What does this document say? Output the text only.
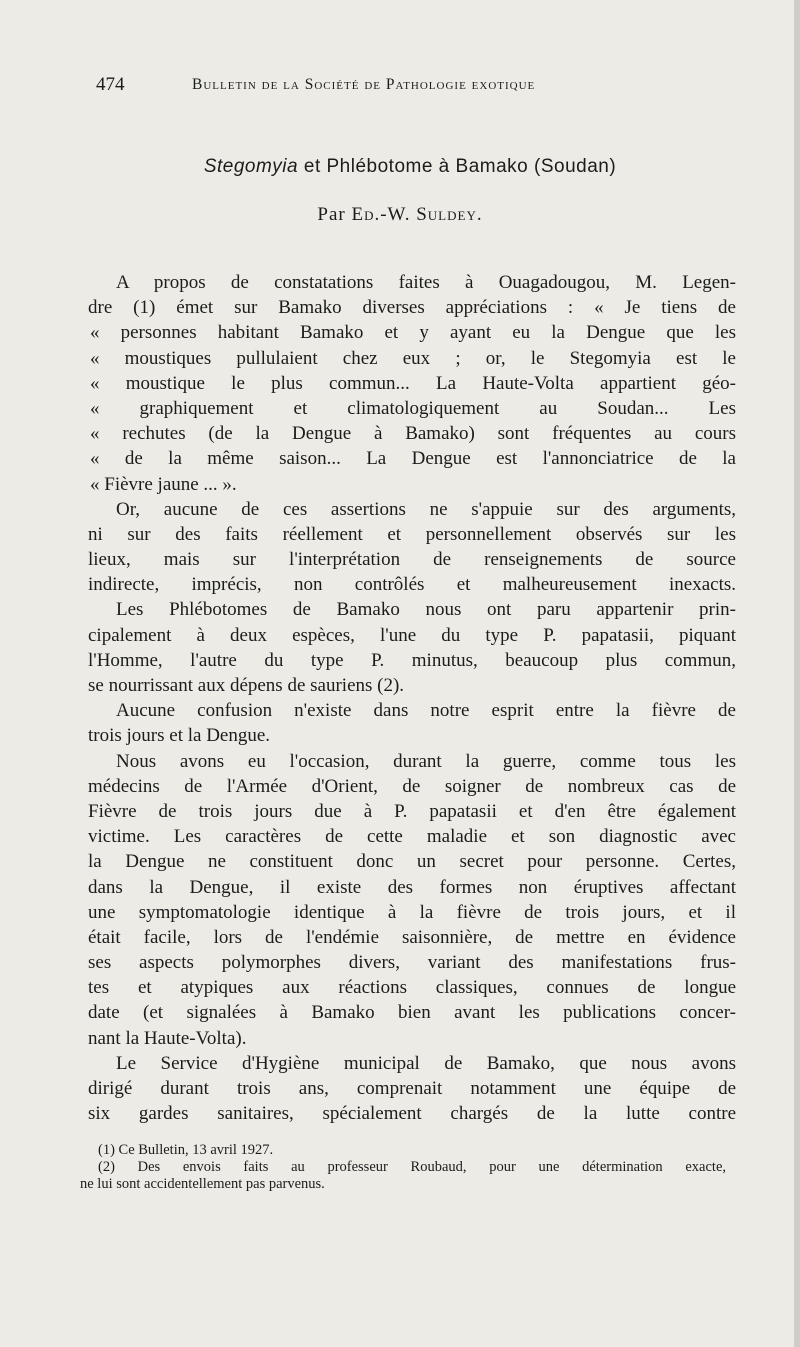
474	Bulletin de la Société de Pathologie exotique
Stegomyia et Phlébotome à Bamako (Soudan)
Par Ed.-W. Suldey.
A propos de constatations faites à Ouagadougou, M. Legen-
dre (1) émet sur Bamako diverses appréciations : « Je tiens de
« personnes habitant Bamako et y ayant eu la Dengue que les
« moustiques pullulaient chez eux ; or, le Stegomyia est le
« moustique le plus commun... La Haute-Volta appartient géo-
« graphiquement et climatologiquement au Soudan... Les
« rechutes (de la Dengue à Bamako) sont fréquentes au cours
« de la même saison... La Dengue est l'annonciatrice de la
« Fièvre jaune ... ».
Or, aucune de ces assertions ne s'appuie sur des arguments,
ni sur des faits réellement et personnellement observés sur les
lieux, mais sur l'interprétation de renseignements de source
indirecte, imprécis, non contrôlés et malheureusement inexacts.
Les Phlébotomes de Bamako nous ont paru appartenir prin-
cipalement à deux espèces, l'une du type P. papatasii, piquant
l'Homme, l'autre du type P. minutus, beaucoup plus commun,
se nourrissant aux dépens de sauriens (2).
Aucune confusion n'existe dans notre esprit entre la fièvre de
trois jours et la Dengue.
Nous avons eu l'occasion, durant la guerre, comme tous les
médecins de l'Armée d'Orient, de soigner de nombreux cas de
Fièvre de trois jours due à P. papatasii et d'en être également
victime. Les caractères de cette maladie et son diagnostic avec
la Dengue ne constituent donc un secret pour personne. Certes,
dans la Dengue, il existe des formes non éruptives affectant
une symptomatologie identique à la fièvre de trois jours, et il
était facile, lors de l'endémie saisonnière, de mettre en évidence
ses aspects polymorphes divers, variant des manifestations frus-
tes et atypiques aux réactions classiques, connues de longue
date (et signalées à Bamako bien avant les publications concer-
nant la Haute-Volta).
Le Service d'Hygiène municipal de Bamako, que nous avons
dirigé durant trois ans, comprenait notamment une équipe de
six gardes sanitaires, spécialement chargés de la lutte contre
(1) Ce Bulletin, 13 avril 1927.
(2) Des envois faits au professeur Roubaud, pour une détermination exacte,
ne lui sont accidentellement pas parvenus.
